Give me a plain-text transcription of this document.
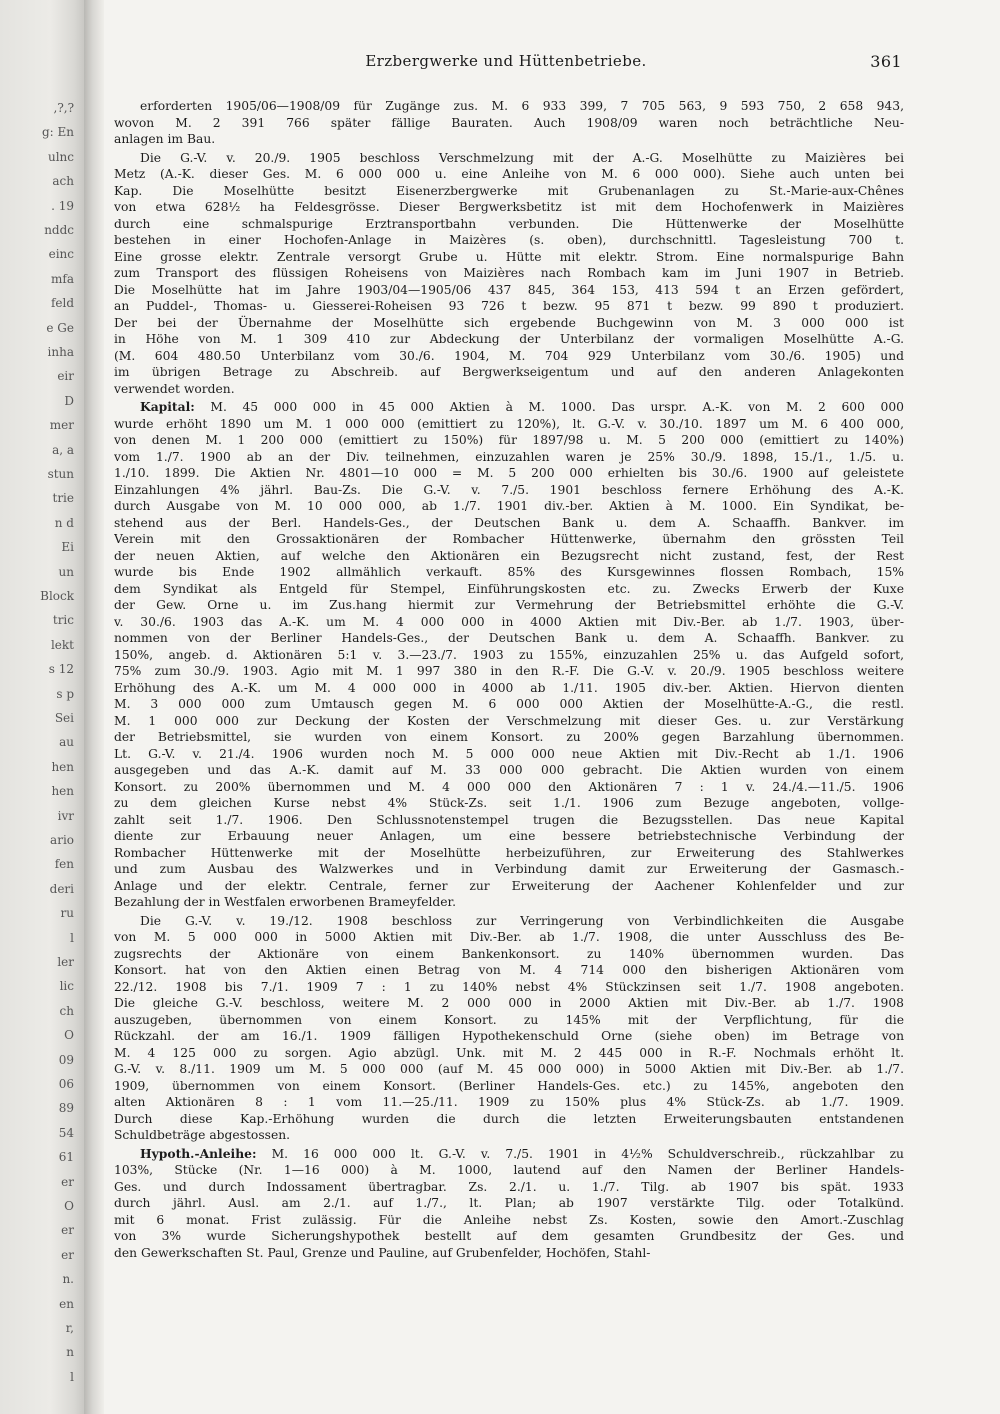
,?,?
g: En
ulnc
ach
. 19
nddc
einc
mfa
feld
e Ge
inha
eir
D
mer
a, a
stun
trie
n d
Ei
un
Block
tric
lekt
s 12
s p
Sei
au
hen
hen
ivr
ario
fen
deri
ru
l
ler
lic
ch
O
09
06
89
54
61
er
O
er
er
n.
en
r,
n
l
Erzbergwerke und Hüttenbetriebe.	361
erforderten 1905/06—1908/09 für Zugänge zus. M. 6 933 399, 7 705 563, 9 593 750, 2 658 943,
wovon M. 2 391 766 später fällige Bauraten. Auch 1908/09 waren noch beträchtliche Neu-
anlagen im Bau.
Die G.-V. v. 20./9. 1905 beschloss Verschmelzung mit der A.-G. Moselhütte zu Maizières bei
Metz (A.-K. dieser Ges. M. 6 000 000 u. eine Anleihe von M. 6 000 000). Siehe auch unten bei
Kap. Die Moselhütte besitzt Eisenerzbergwerke mit Grubenanlagen zu St.-Marie-aux-Chênes
von etwa 628½ ha Feldesgrösse. Dieser Bergwerksbetitz ist mit dem Hochofenwerk in Maizières
durch eine schmalspurige Erztransportbahn verbunden. Die Hüttenwerke der Moselhütte
bestehen in einer Hochofen-Anlage in Maizères (s. oben), durchschnittl. Tagesleistung 700 t.
Eine grosse elektr. Zentrale versorgt Grube u. Hütte mit elektr. Strom. Eine normalspurige Bahn
zum Transport des flüssigen Roheisens von Maizières nach Rombach kam im Juni 1907 in Betrieb.
Die Moselhütte hat im Jahre 1903/04—1905/06 437 845, 364 153, 413 594 t an Erzen gefördert,
an Puddel-, Thomas- u. Giesserei-Roheisen 93 726 t bezw. 95 871 t bezw. 99 890 t produziert.
Der bei der Übernahme der Moselhütte sich ergebende Buchgewinn von M. 3 000 000 ist
in Höhe von M. 1 309 410 zur Abdeckung der Unterbilanz der vormaligen Moselhütte A.-G.
(M. 604 480.50 Unterbilanz vom 30./6. 1904, M. 704 929 Unterbilanz vom 30./6. 1905) und
im übrigen Betrage zu Abschreib. auf Bergwerkseigentum und auf den anderen Anlagekonten
verwendet worden.
Kapital: M. 45 000 000 in 45 000 Aktien à M. 1000. Das urspr. A.-K. von M. 2 600 000
wurde erhöht 1890 um M. 1 000 000 (emittiert zu 120%), lt. G.-V. v. 30./10. 1897 um M. 6 400 000,
von denen M. 1 200 000 (emittiert zu 150%) für 1897/98 u. M. 5 200 000 (emittiert zu 140%)
vom 1./7. 1900 ab an der Div. teilnehmen, einzuzahlen waren je 25% 30./9. 1898, 15./1., 1./5. u.
1./10. 1899. Die Aktien Nr. 4801—10 000 = M. 5 200 000 erhielten bis 30./6. 1900 auf geleistete
Einzahlungen 4% jährl. Bau-Zs. Die G.-V. v. 7./5. 1901 beschloss fernere Erhöhung des A.-K.
durch Ausgabe von M. 10 000 000, ab 1./7. 1901 div.-ber. Aktien à M. 1000. Ein Syndikat, be-
stehend aus der Berl. Handels-Ges., der Deutschen Bank u. dem A. Schaaffh. Bankver. im
Verein mit den Grossaktionären der Rombacher Hüttenwerke, übernahm den grössten Teil
der neuen Aktien, auf welche den Aktionären ein Bezugsrecht nicht zustand, fest, der Rest
wurde bis Ende 1902 allmählich verkauft. 85% des Kursgewinnes flossen Rombach, 15%
dem Syndikat als Entgeld für Stempel, Einführungskosten etc. zu. Zwecks Erwerb der Kuxe
der Gew. Orne u. im Zus.hang hiermit zur Vermehrung der Betriebsmittel erhöhte die G.-V.
v. 30./6. 1903 das A.-K. um M. 4 000 000 in 4000 Aktien mit Div.-Ber. ab 1./7. 1903, über-
nommen von der Berliner Handels-Ges., der Deutschen Bank u. dem A. Schaaffh. Bankver. zu
150%, angeb. d. Aktionären 5:1 v. 3.—23./7. 1903 zu 155%, einzuzahlen 25% u. das Aufgeld sofort,
75% zum 30./9. 1903. Agio mit M. 1 997 380 in den R.-F. Die G.-V. v. 20./9. 1905 beschloss weitere
Erhöhung des A.-K. um M. 4 000 000 in 4000 ab 1./11. 1905 div.-ber. Aktien. Hiervon dienten
M. 3 000 000 zum Umtausch gegen M. 6 000 000 Aktien der Moselhütte-A.-G., die restl.
M. 1 000 000 zur Deckung der Kosten der Verschmelzung mit dieser Ges. u. zur Verstärkung
der Betriebsmittel, sie wurden von einem Konsort. zu 200% gegen Barzahlung übernommen.
Lt. G.-V. v. 21./4. 1906 wurden noch M. 5 000 000 neue Aktien mit Div.-Recht ab 1./1. 1906
ausgegeben und das A.-K. damit auf M. 33 000 000 gebracht. Die Aktien wurden von einem
Konsort. zu 200% übernommen und M. 4 000 000 den Aktionären 7 : 1 v. 24./4.—11./5. 1906
zu dem gleichen Kurse nebst 4% Stück-Zs. seit 1./1. 1906 zum Bezuge angeboten, vollge-
zahlt seit 1./7. 1906. Den Schlussnotenstempel trugen die Bezugsstellen. Das neue Kapital
diente zur Erbauung neuer Anlagen, um eine bessere betriebstechnische Verbindung der
Rombacher Hüttenwerke mit der Moselhütte herbeizuführen, zur Erweiterung des Stahlwerkes
und zum Ausbau des Walzwerkes und in Verbindung damit zur Erweiterung der Gasmasch.-
Anlage und der elektr. Centrale, ferner zur Erweiterung der Aachener Kohlenfelder und zur
Bezahlung der in Westfalen erworbenen Brameyfelder.
Die G.-V. v. 19./12. 1908 beschloss zur Verringerung von Verbindlichkeiten die Ausgabe
von M. 5 000 000 in 5000 Aktien mit Div.-Ber. ab 1./7. 1908, die unter Ausschluss des Be-
zugsrechts der Aktionäre von einem Bankenkonsort. zu 140% übernommen wurden. Das
Konsort. hat von den Aktien einen Betrag von M. 4 714 000 den bisherigen Aktionären vom
22./12. 1908 bis 7./1. 1909 7 : 1 zu 140% nebst 4% Stückzinsen seit 1./7. 1908 angeboten.
Die gleiche G.-V. beschloss, weitere M. 2 000 000 in 2000 Aktien mit Div.-Ber. ab 1./7. 1908
auszugeben, übernommen von einem Konsort. zu 145% mit der Verpflichtung, für die
Rückzahl. der am 16./1. 1909 fälligen Hypothekenschuld Orne (siehe oben) im Betrage von
M. 4 125 000 zu sorgen. Agio abzügl. Unk. mit M. 2 445 000 in R.-F. Nochmals erhöht lt.
G.-V. v. 8./11. 1909 um M. 5 000 000 (auf M. 45 000 000) in 5000 Aktien mit Div.-Ber. ab 1./7.
1909, übernommen von einem Konsort. (Berliner Handels-Ges. etc.) zu 145%, angeboten den
alten Aktionären 8 : 1 vom 11.—25./11. 1909 zu 150% plus 4% Stück-Zs. ab 1./7. 1909.
Durch diese Kap.-Erhöhung wurden die durch die letzten Erweiterungsbauten entstandenen
Schuldbeträge abgestossen.
Hypoth.-Anleihe: M. 16 000 000 lt. G.-V. v. 7./5. 1901 in 4½% Schuldverschreib., rückzahlbar zu
103%, Stücke (Nr. 1—16 000) à M. 1000, lautend auf den Namen der Berliner Handels-
Ges. und durch Indossament übertragbar. Zs. 2./1. u. 1./7. Tilg. ab 1907 bis spät. 1933
durch jährl. Ausl. am 2./1. auf 1./7., lt. Plan; ab 1907 verstärkte Tilg. oder Totalkünd.
mit 6 monat. Frist zulässig. Für die Anleihe nebst Zs. Kosten, sowie den Amort.-Zuschlag
von 3% wurde Sicherungshypothek bestellt auf dem gesamten Grundbesitz der Ges. und
den Gewerkschaften St. Paul, Grenze und Pauline, auf Grubenfelder, Hochöfen, Stahl-
